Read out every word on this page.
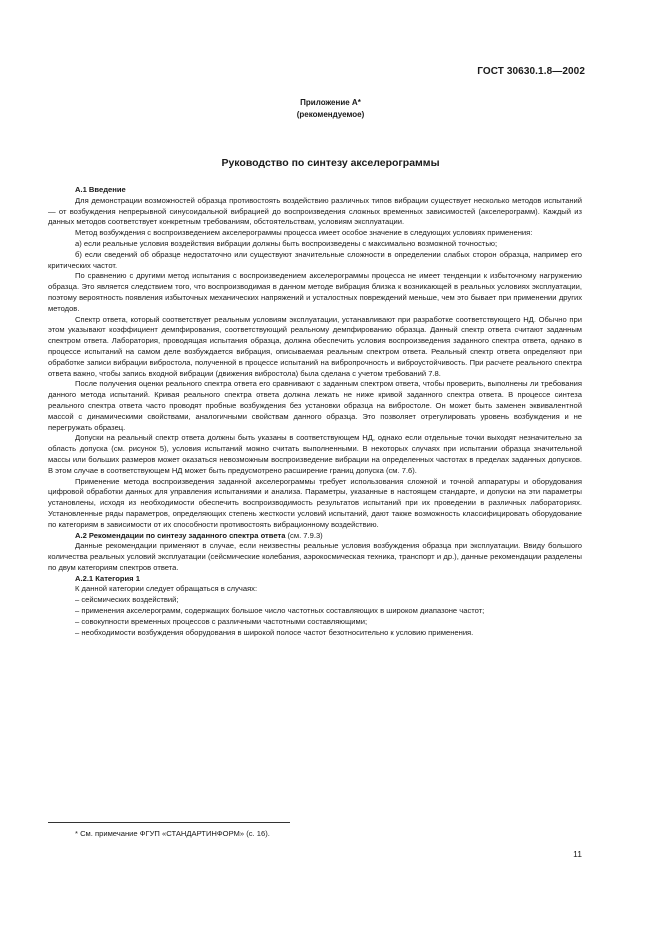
ГОСТ 30630.1.8—2002
Приложение А*
(рекомендуемое)
Руководство по синтезу акселерограммы

А.1 Введение

Для демонстрации возможностей образца противостоять воздействию различных типов вибрации существует несколько методов испытаний — от возбуждения непрерывной синусоидальной вибрацией до воспроизведения сложных временных зависимостей (акселерограмм). Каждый из данных методов соответствует конкретным требованиям, обстоятельствам, условиям эксплуатации.

Метод возбуждения с воспроизведением акселерограммы процесса имеет особое значение в следующих условиях применения:

а) если реальные условия воздействия вибрации должны быть воспроизведены с максимально возможной точностью;

б) если сведений об образце недостаточно или существуют значительные сложности в определении слабых сторон образца, например его критических частот.

По сравнению с другими метод испытания с воспроизведением акселерограммы процесса не имеет тенденции к избыточному нагружению образца. Это является следствием того, что воспроизводимая в данном методе вибрация близка к возникающей в реальных условиях эксплуатации, поэтому вероятность появления избыточных механических напряжений и усталостных повреждений меньше, чем это бывает при применении других методов.

Спектр ответа, который соответствует реальным условиям эксплуатации, устанавливают при разработке соответствующего НД. Обычно при этом указывают коэффициент демпфирования, соответствующий реальному демпфированию образца. Данный спектр ответа считают заданным спектром ответа. Лаборатория, проводящая испытания образца, должна обеспечить условия воспроизведения заданного спектра ответа, однако в процессе испытаний на самом деле возбуждается вибрация, описываемая реальным спектром ответа. Реальный спектр ответа определяют при обработке записи вибрации вибростола, полученной в процессе испытаний на вибропрочность и виброустойчивость. При расчете реального спектра ответа важно, чтобы запись входной вибрации (движения вибростола) была сделана с учетом требований 7.8.

После получения оценки реального спектра ответа его сравнивают с заданным спектром ответа, чтобы проверить, выполнены ли требования данного метода испытаний. Кривая реального спектра ответа должна лежать не ниже кривой заданного спектра ответа. В процессе синтеза реального спектра ответа часто проводят пробные возбуждения без установки образца на вибростоле. Он может быть заменен эквивалентной массой с динамическими свойствами, аналогичными свойствам данного образца. Это позволяет отрегулировать уровень возбуждения и не перегружать образец.

Допуски на реальный спектр ответа должны быть указаны в соответствующем НД, однако если отдельные точки выходят незначительно за область допуска (см. рисунок 5), условия испытаний можно считать выполненными. В некоторых случаях при испытании образца значительной массы или больших размеров может оказаться невозможным воспроизведение вибрации на определенных частотах в пределах заданных допусков. В этом случае в соответствующем НД может быть предусмотрено расширение границ допуска (см. 7.6).

Применение метода воспроизведения заданной акселерограммы требует использования сложной и точной аппаратуры и оборудования цифровой обработки данных для управления испытаниями и анализа. Параметры, указанные в настоящем стандарте, и допуски на эти параметры установлены, исходя из необходимости обеспечить воспроизводимость результатов испытаний при их проведении в различных лабораториях. Установленные ряды параметров, определяющих степень жесткости условий испытаний, дают также возможность классифицировать оборудование по категориям в зависимости от их способности противостоять вибрационному воздействию.

А.2 Рекомендации по синтезу заданного спектра ответа (см. 7.9.3)

Данные рекомендации применяют в случае, если неизвестны реальные условия возбуждения образца при эксплуатации. Ввиду большого количества реальных условий эксплуатации (сейсмические колебания, аэрокосмическая техника, транспорт и др.), данные рекомендации разделены по двум категориям спектров ответа.

А.2.1 Категория 1

К данной категории следует обращаться в случаях:

– сейсмических воздействий;

– применения акселерограмм, содержащих большое число частотных составляющих в широком диапазоне частот;

– совокупности временных процессов с различными частотными составляющими;

– необходимости возбуждения оборудования в широкой полосе частот безотносительно к условию применения.

* См. примечание ФГУП «СТАНДАРТИНФОРМ» (с. 16).
11
